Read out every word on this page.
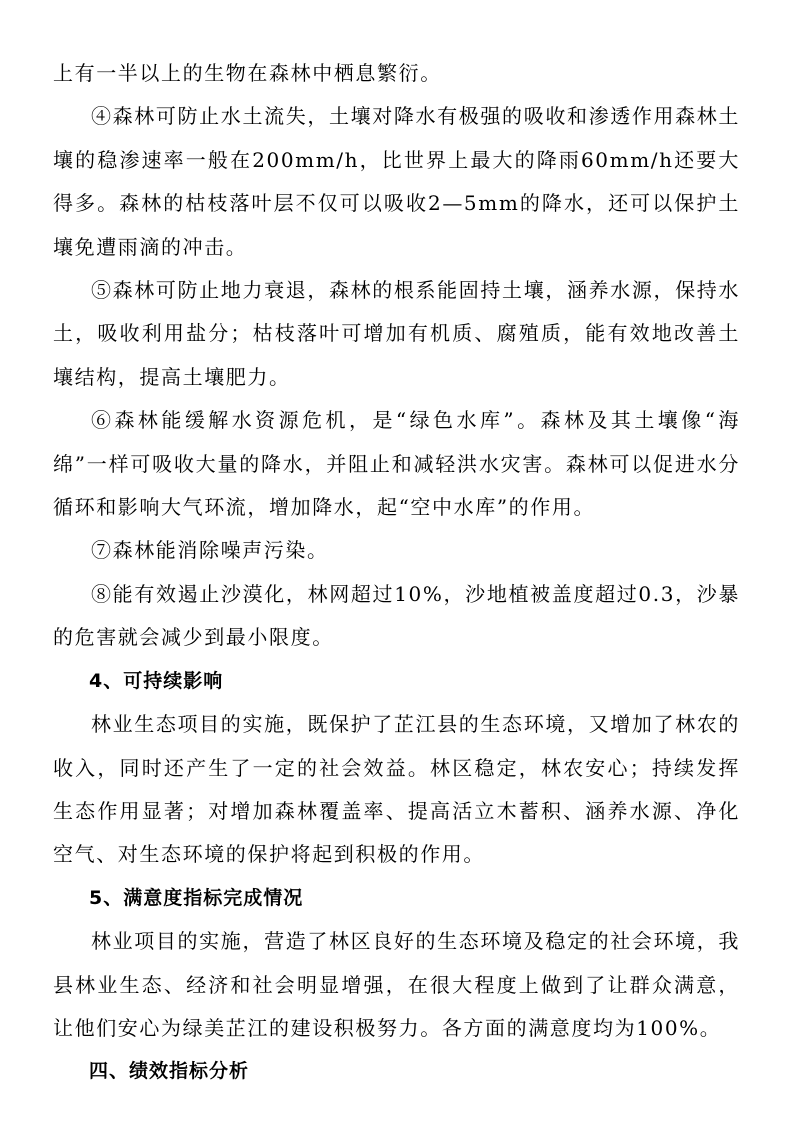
上有一半以上的生物在森林中栖息繁衍。

④森林可防止水土流失，土壤对降水有极强的吸收和渗透作用森林土壤的稳渗速率一般在200mm/h，比世界上最大的降雨60mm/h还要大得多。森林的枯枝落叶层不仅可以吸收2—5mm的降水，还可以保护土壤免遭雨滴的冲击。

⑤森林可防止地力衰退，森林的根系能固持土壤，涵养水源，保持水土，吸收利用盐分；枯枝落叶可增加有机质、腐殖质，能有效地改善土壤结构，提高土壤肥力。

⑥森林能缓解水资源危机，是“绿色水库”。森林及其土壤像“海绵”一样可吸收大量的降水，并阻止和减轻洪水灾害。森林可以促进水分循环和影响大气环流，增加降水，起“空中水库”的作用。

⑦森林能消除噪声污染。

⑧能有效遏止沙漠化，林网超过10%，沙地植被盖度超过0.3，沙暴的危害就会减少到最小限度。

4、可持续影响

林业生态项目的实施，既保护了芷江县的生态环境，又增加了林农的收入，同时还产生了一定的社会效益。林区稳定，林农安心；持续发挥生态作用显著；对增加森林覆盖率、提高活立木蓄积、涵养水源、净化空气、对生态环境的保护将起到积极的作用。

5、满意度指标完成情况

林业项目的实施，营造了林区良好的生态环境及稳定的社会环境，我县林业生态、经济和社会明显增强，在很大程度上做到了让群众满意，让他们安心为绿美芷江的建设积极努力。各方面的满意度均为100%。

四、绩效指标分析
